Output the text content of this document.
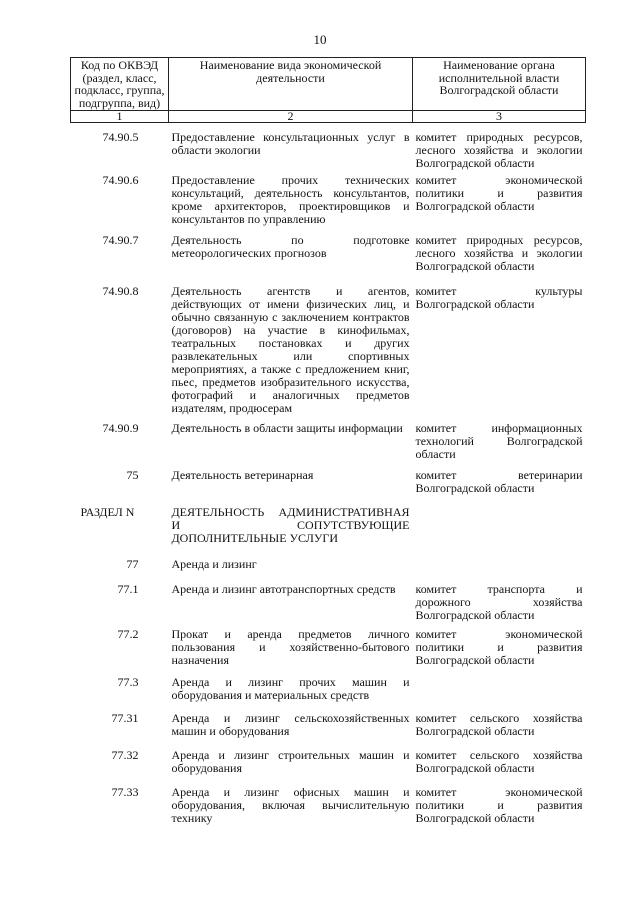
10
Код по ОКВЭД (раздел, класс, подкласс, группа, подгруппа, вид)	Наименование вида экономической деятельности	Наименование органа исполнительной власти Волгоградской области
1	2	3
74.90.5	Предоставление консультационных услуг в области экологии	комитет природных ресурсов, лесного хозяйства и экологии Волгоградской области
74.90.6	Предоставление прочих технических консультаций, деятельность консультантов, кроме архитекторов, проектировщиков и консультантов по управлению	комитет экономической политики и развития Волгоградской области
74.90.7	Деятельность по подготовке метеорологических прогнозов	комитет природных ресурсов, лесного хозяйства и экологии Волгоградской области
74.90.8	Деятельность агентств и агентов, действующих от имени физических лиц, и обычно связанную с заключением контрактов (договоров) на участие в кинофильмах, театральных постановках и других развлекательных или спортивных мероприятиях, а также с предложением книг, пьес, предметов изобразительного искусства, фотографий и аналогичных предметов издателям, продюсерам	комитет культуры Волгоградской области
74.90.9	Деятельность в области защиты информации	комитет информационных технологий Волгоградской области
75	Деятельность ветеринарная	комитет ветеринарии Волгоградской области
РАЗДЕЛ N	ДЕЯТЕЛЬНОСТЬ АДМИНИСТРАТИВНАЯ И СОПУТСТВУЮЩИЕ ДОПОЛНИТЕЛЬНЫЕ УСЛУГИ	
77	Аренда и лизинг	
77.1	Аренда и лизинг автотранспортных средств	комитет транспорта и дорожного хозяйства Волгоградской области
77.2	Прокат и аренда предметов личного пользования и хозяйственно-бытового назначения	комитет экономической политики и развития Волгоградской области
77.3	Аренда и лизинг прочих машин и оборудования и материальных средств	
77.31	Аренда и лизинг сельскохозяйственных машин и оборудования	комитет сельского хозяйства Волгоградской области
77.32	Аренда и лизинг строительных машин и оборудования	комитет сельского хозяйства Волгоградской области
77.33	Аренда и лизинг офисных машин и оборудования, включая вычислительную технику	комитет экономической политики и развития Волгоградской области
